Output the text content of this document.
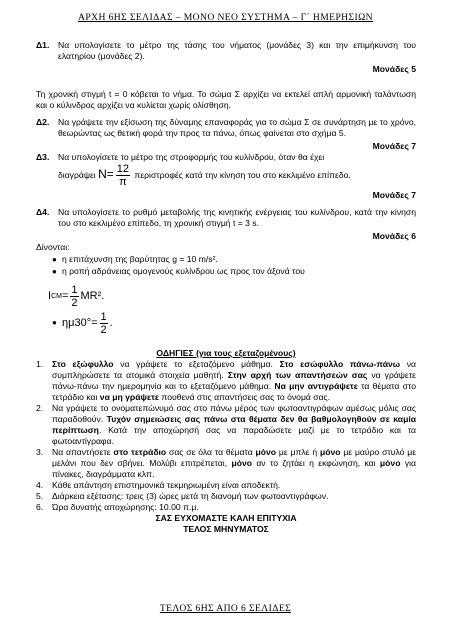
ΑΡΧΗ 6ΗΣ ΣΕΛΙΔΑΣ – ΜΟΝΟ ΝΕΟ ΣΥΣΤΗΜΑ – Γ΄ ΗΜΕΡΗΣΙΩΝ
Δ1. Να υπολογίσετε το μέτρο της τάσης του νήματος (μονάδες 3) και την επιμήκυνση του ελατηρίου (μονάδες 2).
Μονάδες 5
Τη χρονική στιγμή t = 0 κόβεται το νήμα. Το σώμα Σ αρχίζει να εκτελεί απλή αρμονική ταλάντωση και ο κύλινδρος αρχίζει να κυλίεται χωρίς ολίσθηση.
Δ2. Να γράψετε την εξίσωση της δύναμης επαναφοράς για το σώμα Σ σε συνάρτηση με το χρόνο, θεωρώντας ως θετική φορά την προς τα πάνω, όπως φαίνεται στο σχήμα 5.
Μονάδες 7
Δ3. Να υπολογίσετε το μέτρο της στροφορμής του κυλίνδρου, όταν θα έχει
διαγράψει $N= \frac{12}{\pi}$ περιστροφές κατά την κίνηση του στο κεκλιμένο επίπεδο.
Μονάδες 7
Δ4. Να υπολογίσετε το ρυθμό μεταβολής της κινητικής ενέργειας του κυλίνδρου, κατά την κίνηση του στο κεκλιμένο επίπεδο, τη χρονική στιγμή t = 3 s.
Μονάδες 6
Δίνονται:
● η επιτάχυνση της βαρύτητας g = 10 m/s².
● η ροπή αδράνειας ομογενούς κυλίνδρου ως προς τον άξονά του
I CM = $\frac{1}{2} MR^2$.
● $\eta\mu 30^\circ = \frac{1}{2}$ .
ΟΔΗΓΙΕΣ (για τους εξεταζομένους)
1. Στο εξώφυλλο να γράψετε το εξεταζόμενο μάθημα. Στο εσώφυλλο πάνω-πάνω να συμπληρώσετε τα ατομικά στοιχεία μαθητή. Στην αρχή των απαντήσεών σας να γράψετε πάνω-πάνω την ημερομηνία και το εξεταζόμενο μάθημα. Να μην αντιγράψετε τα θέματα στο τετράδιο και να μη γράψετε πουθενά στις απαντήσεις σας το όνομά σας.
2. Να γράψετε το ονοματεπώνυμό σας στο πάνω μέρος των φωτοαντιγράφων αμέσως μόλις σας παραδοθούν. Τυχόν σημειώσεις σας πάνω στα θέματα δεν θα βαθμολογηθούν σε καμία περίπτωση. Κατά την αποχώρησή σας να παραδώσετε μαζί με το τετράδιο και τα φωτοαντίγραφα.
3. Να απαντήσετε στο τετράδιο σας σε όλα τα θέματα μόνο με μπλε ή μόνο με μαύρο στυλό με μελάνι που δεν σβήνει. Μολύβι επιτρέπεται, μόνο αν το ζητάει η εκφώνηση, και μόνο για πίνακες, διαγράμματα κλπ.
4. Κάθε απάντηση επιστημονικά τεκμηριωμένη είναι αποδεκτή.
5. Διάρκεια εξέτασης: τρεις (3) ώρες μετά τη διανομή των φωτοαντιγράφων.
6. Ώρα δυνατής αποχώρησης: 10.00 π.μ.
ΣΑΣ ΕΥΧΟΜΑΣΤΕ ΚΑΛΗ ΕΠΙΤΥΧΙΑ
ΤΕΛΟΣ ΜΗΝΥΜΑΤΟΣ
ΤΕΛΟΣ 6ΗΣ ΑΠΟ 6 ΣΕΛΙΔΕΣ
